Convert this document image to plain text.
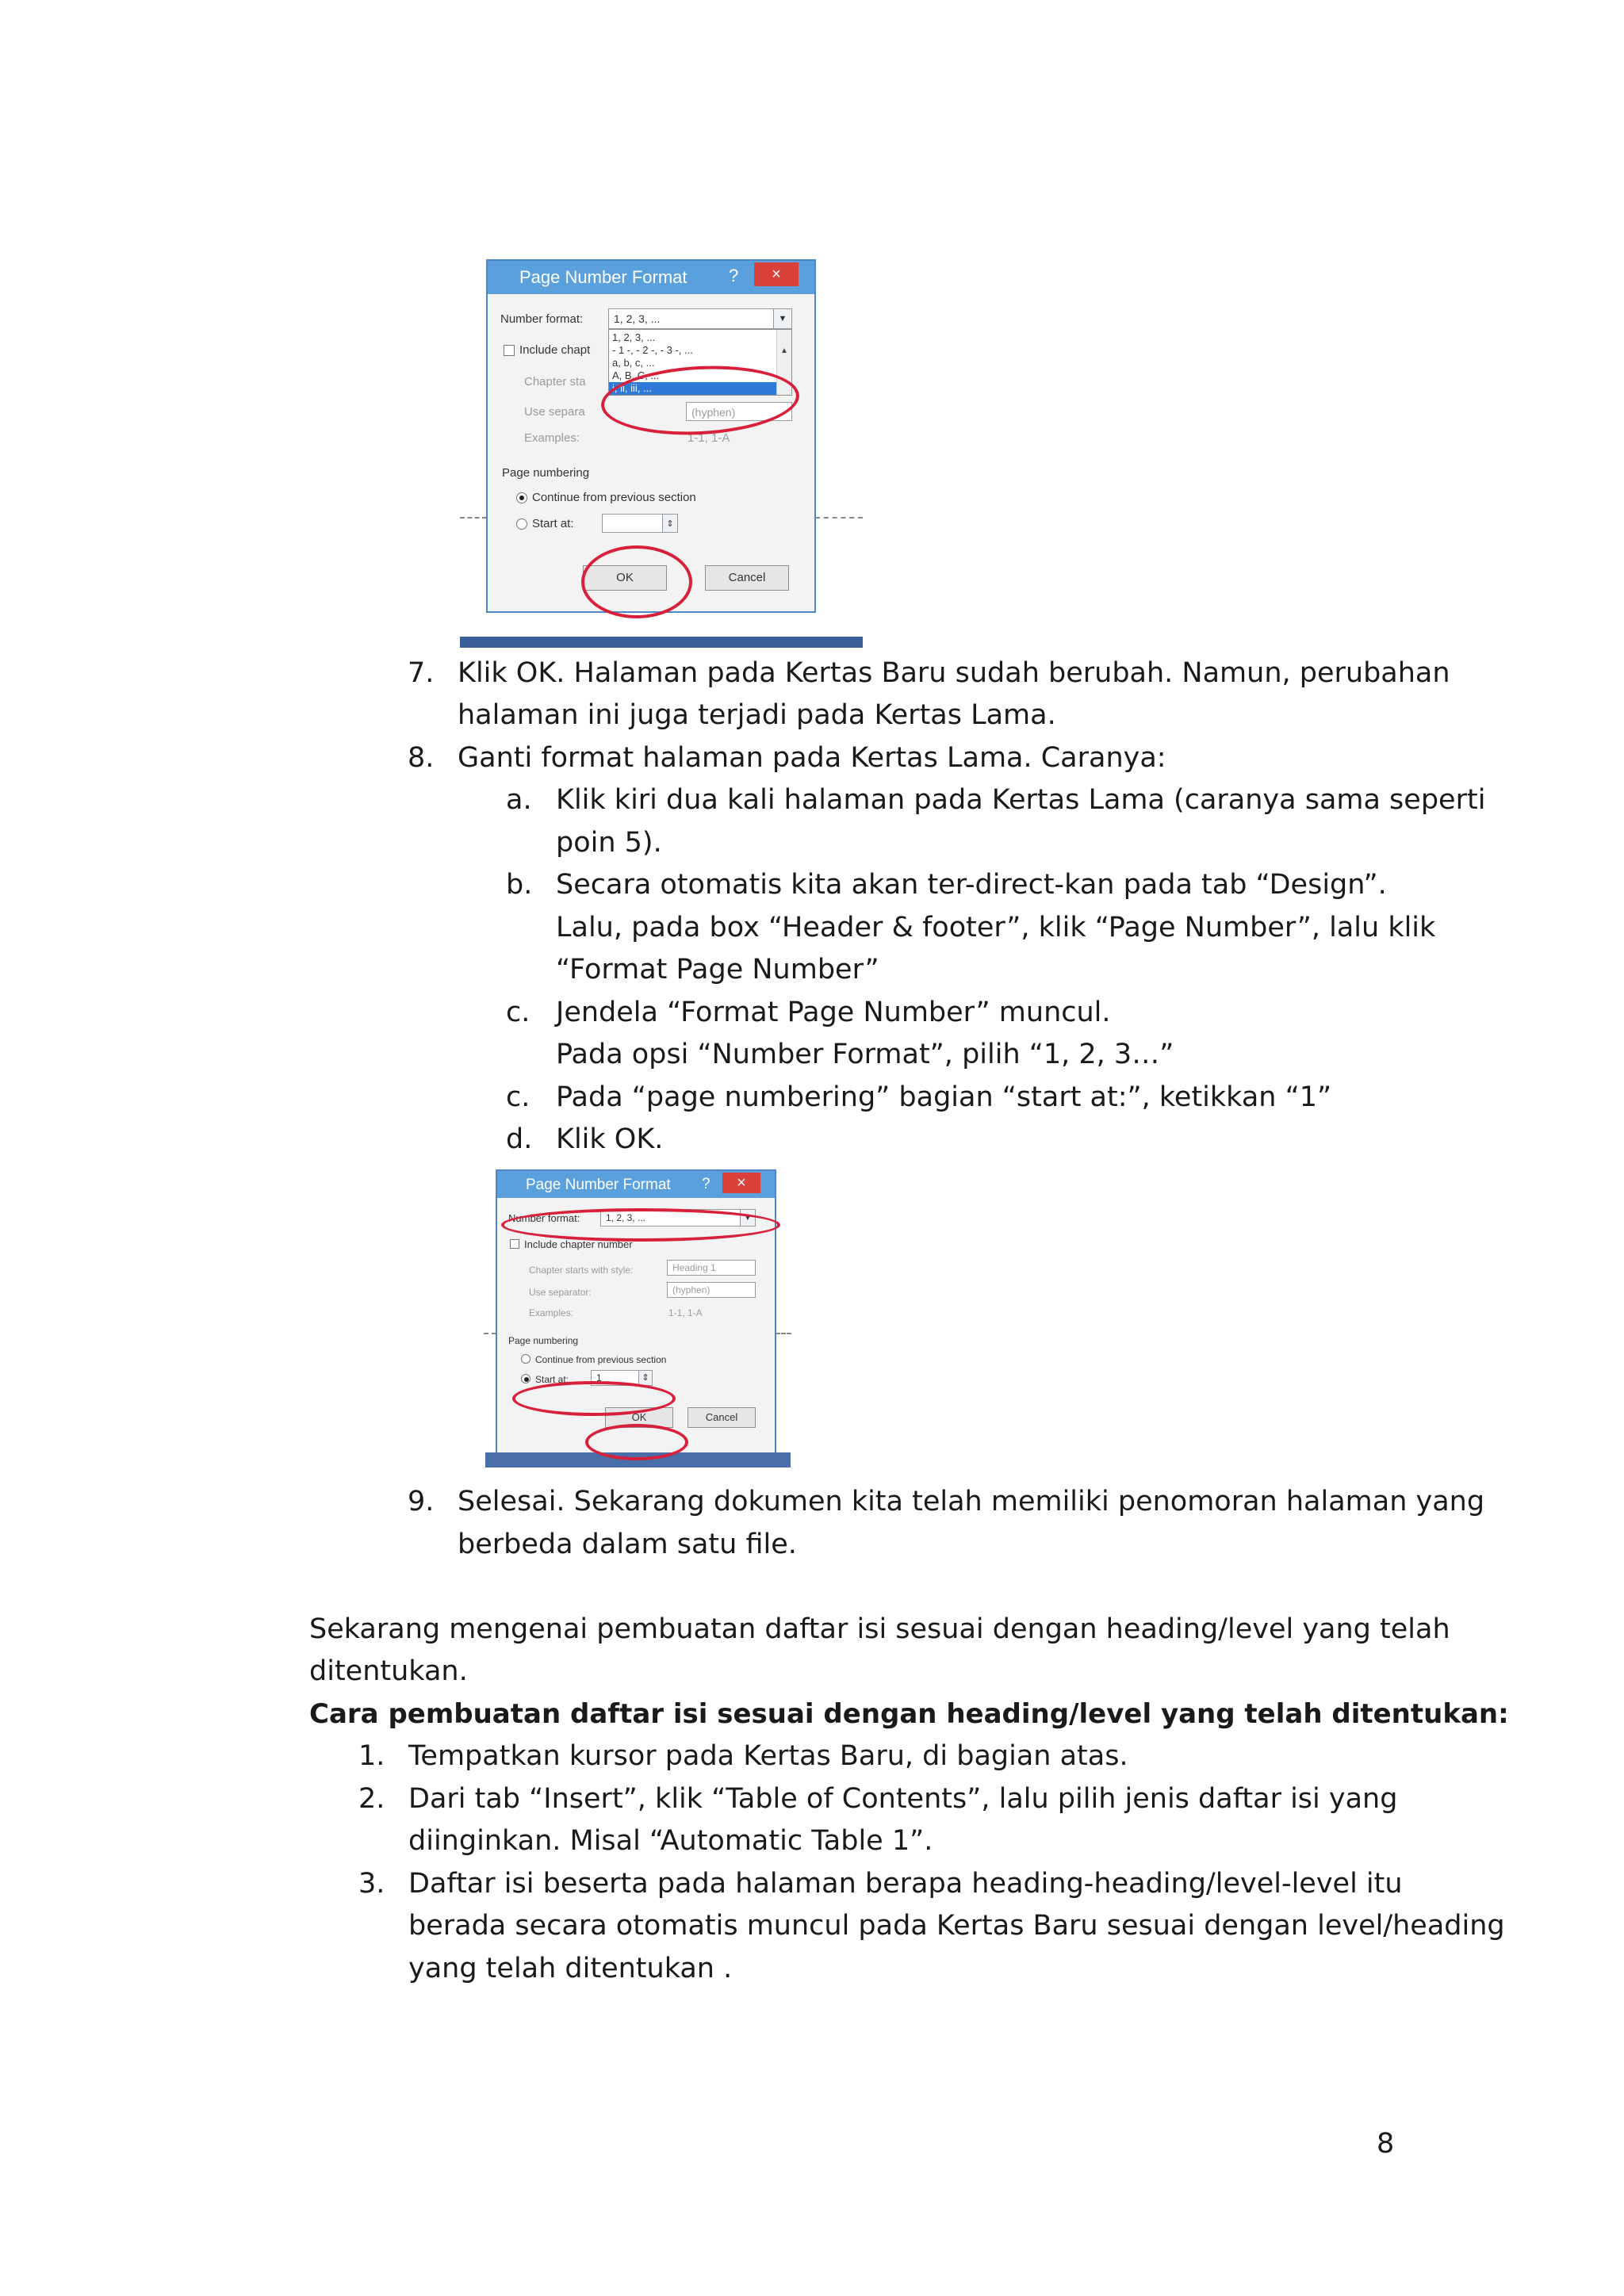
Page Number Format ?	×
Number format:	1, 2, 3, ...	▼
1, 2, 3, ...
- 1 -, - 2 -, - 3 -, ...
a, b, c, ...
A, B, C, ...
i, ii, iii, ...
▲
Include chapt
Chapter sta
Use separa	(hyphen)
Examples:	1-1, 1-A
Page numbering
Continue from previous section
Start at:	⇕
OK	Cancel
7. Klik OK. Halaman pada Kertas Baru sudah berubah. Namun, perubahan
halaman ini juga terjadi pada Kertas Lama.
8. Ganti format halaman pada Kertas Lama. Caranya:
a. Klik kiri dua kali halaman pada Kertas Lama (caranya sama seperti
poin 5).
b. Secara otomatis kita akan ter-direct-kan pada tab “Design”.
Lalu, pada box “Header & footer”, klik “Page Number”, lalu klik
“Format Page Number”
c. Jendela “Format Page Number” muncul.
Pada opsi “Number Format”, pilih “1, 2, 3…”
c. Pada “page numbering” bagian “start at:”, ketikkan “1”
d. Klik OK.
Page Number Format ?	×
Number format:	1, 2, 3, ...	▼
Include chapter number
Chapter starts with style:	Heading 1
Use separator:	(hyphen)
Examples:	1-1, 1-A
Page numbering
Continue from previous section
Start at:	1	⇕
OK	Cancel
9. Selesai. Sekarang dokumen kita telah memiliki penomoran halaman yang
berbeda dalam satu file.
Sekarang mengenai pembuatan daftar isi sesuai dengan heading/level yang telah
ditentukan.
Cara pembuatan daftar isi sesuai dengan heading/level yang telah ditentukan:
1. Tempatkan kursor pada Kertas Baru, di bagian atas.
2. Dari tab “Insert”, klik “Table of Contents”, lalu pilih jenis daftar isi yang
diinginkan. Misal “Automatic Table 1”.
3. Daftar isi beserta pada halaman berapa heading-heading/level-level itu
berada secara otomatis muncul pada Kertas Baru sesuai dengan level/heading
yang telah ditentukan .
8
